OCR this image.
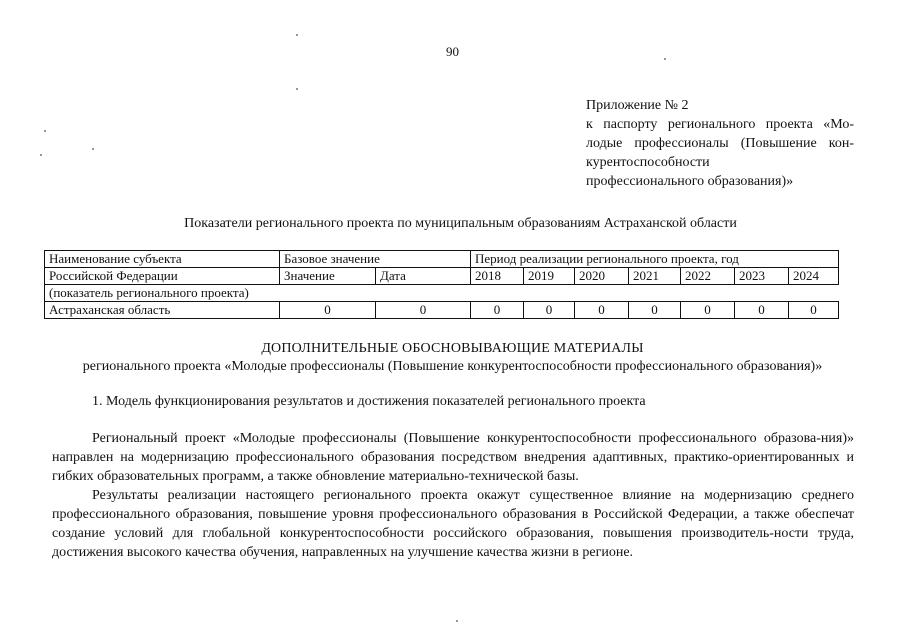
90
Приложение № 2
к паспорту регионального проекта «Мо-
лодые профессионалы (Повышение кон-
курентоспособности
профессионального образования)»
Показатели регионального проекта по муниципальным образованиям Астраханской области
Наименование субъекта	Базовое значение		Период реализации регионального проекта, год						
Российской Федерации	Значение	Дата	2018	2019	2020	2021	2022	2023	2024
(показатель регионального проекта)									
Астраханская область	0	0	0	0	0	0	0	0	0
ДОПОЛНИТЕЛЬНЫЕ ОБОСНОВЫВАЮЩИЕ МАТЕРИАЛЫ
регионального проекта «Молодые профессионалы (Повышение конкурентоспособности профессионального образования)»
1. Модель функционирования результатов и достижения показателей регионального проекта

Региональный проект «Молодые профессионалы (Повышение конкурентоспособности профессионального образова-ния)» направлен на модернизацию профессионального образования посредством внедрения адаптивных, практико-ориентированных и гибких образовательных программ, а также обновление материально-технической базы.

Результаты реализации настоящего регионального проекта окажут существенное влияние на модернизацию среднего профессионального образования, повышение уровня профессионального образования в Российской Федерации, а также обеспечат создание условий для глобальной конкурентоспособности российского образования, повышения производитель-ности труда, достижения высокого качества обучения, направленных на улучшение качества жизни в регионе.
